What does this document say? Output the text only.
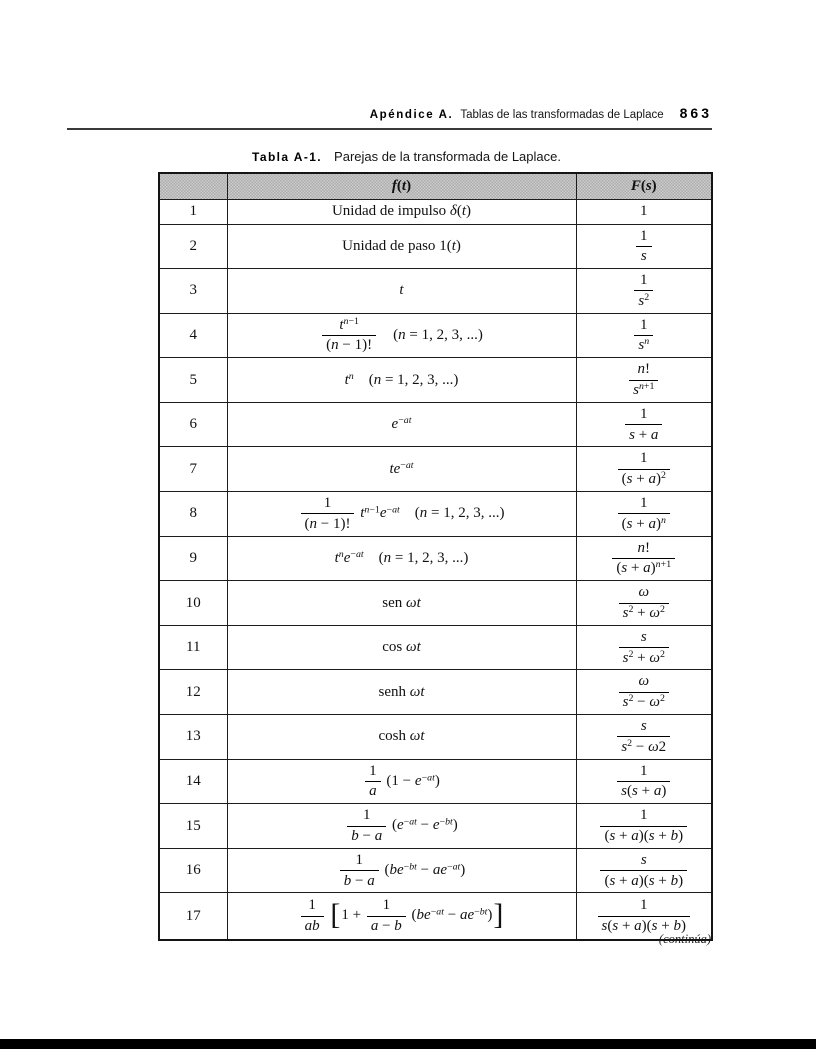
Apéndice A. Tablas de las transformadas de Laplace 863
Tabla A-1. Parejas de la transformada de Laplace.
	f(t)	F(s)
1	Unidad de impulso δ(t)	1
2	Unidad de paso 1(t)	$\frac{1}{s}$

3	t	$\frac{1}{s^2}$

4	$\frac{t^{n-1}}{(n - 1)!} (n = 1$, 2, 3, ...)	$\frac{1}{s^n}$

5	$t^n$ (n = 1, 2, 3, ...)	$\frac{n!}{s^{n+1}}$

6	$e^{-at}$	$\frac{1}{s + a}$

7	$te^{-at}$	$\frac{1}{(s + a)^2}$

8	$\frac{1}{(n - 1)!} t^{n-1}e^{-at}$ (n = 1, 2, 3, ...)	$\frac{1}{(s + a)^n}$

9	$t^ne^{-at}$ (n = 1, 2, 3, ...)	$\frac{n!}{(s + a)^{n+1}}$

10	sen ωt	$\frac{\omega}{s^2 + \omega^2}$

11	cos ωt	$\frac{s}{s^2 + \omega^2}$

12	senh ωt	$\frac{\omega}{s^2 - \omega^2}$

13	cosh ωt	$\frac{s}{s^2 - \omega 2}$

14	$\frac{1}{a} (1 - e^{-at})$	$\frac{1}{s(s + a)}$

15	$\frac{1}{b - a} (e^{-at} - e^{-bt})$	$\frac{1}{(s + a)(s + b)}$

16	$\frac{1}{b - a} (be^{-bt} - ae^{-at})$	$\frac{s}{(s + a)(s + b)}$

17	$\frac{1}{ab} [1 + \frac{1}{a - b} (be^{-at} - ae^{-bt})]$	$\frac{1}{s(s + a)(s + b)}$
(continúa)
